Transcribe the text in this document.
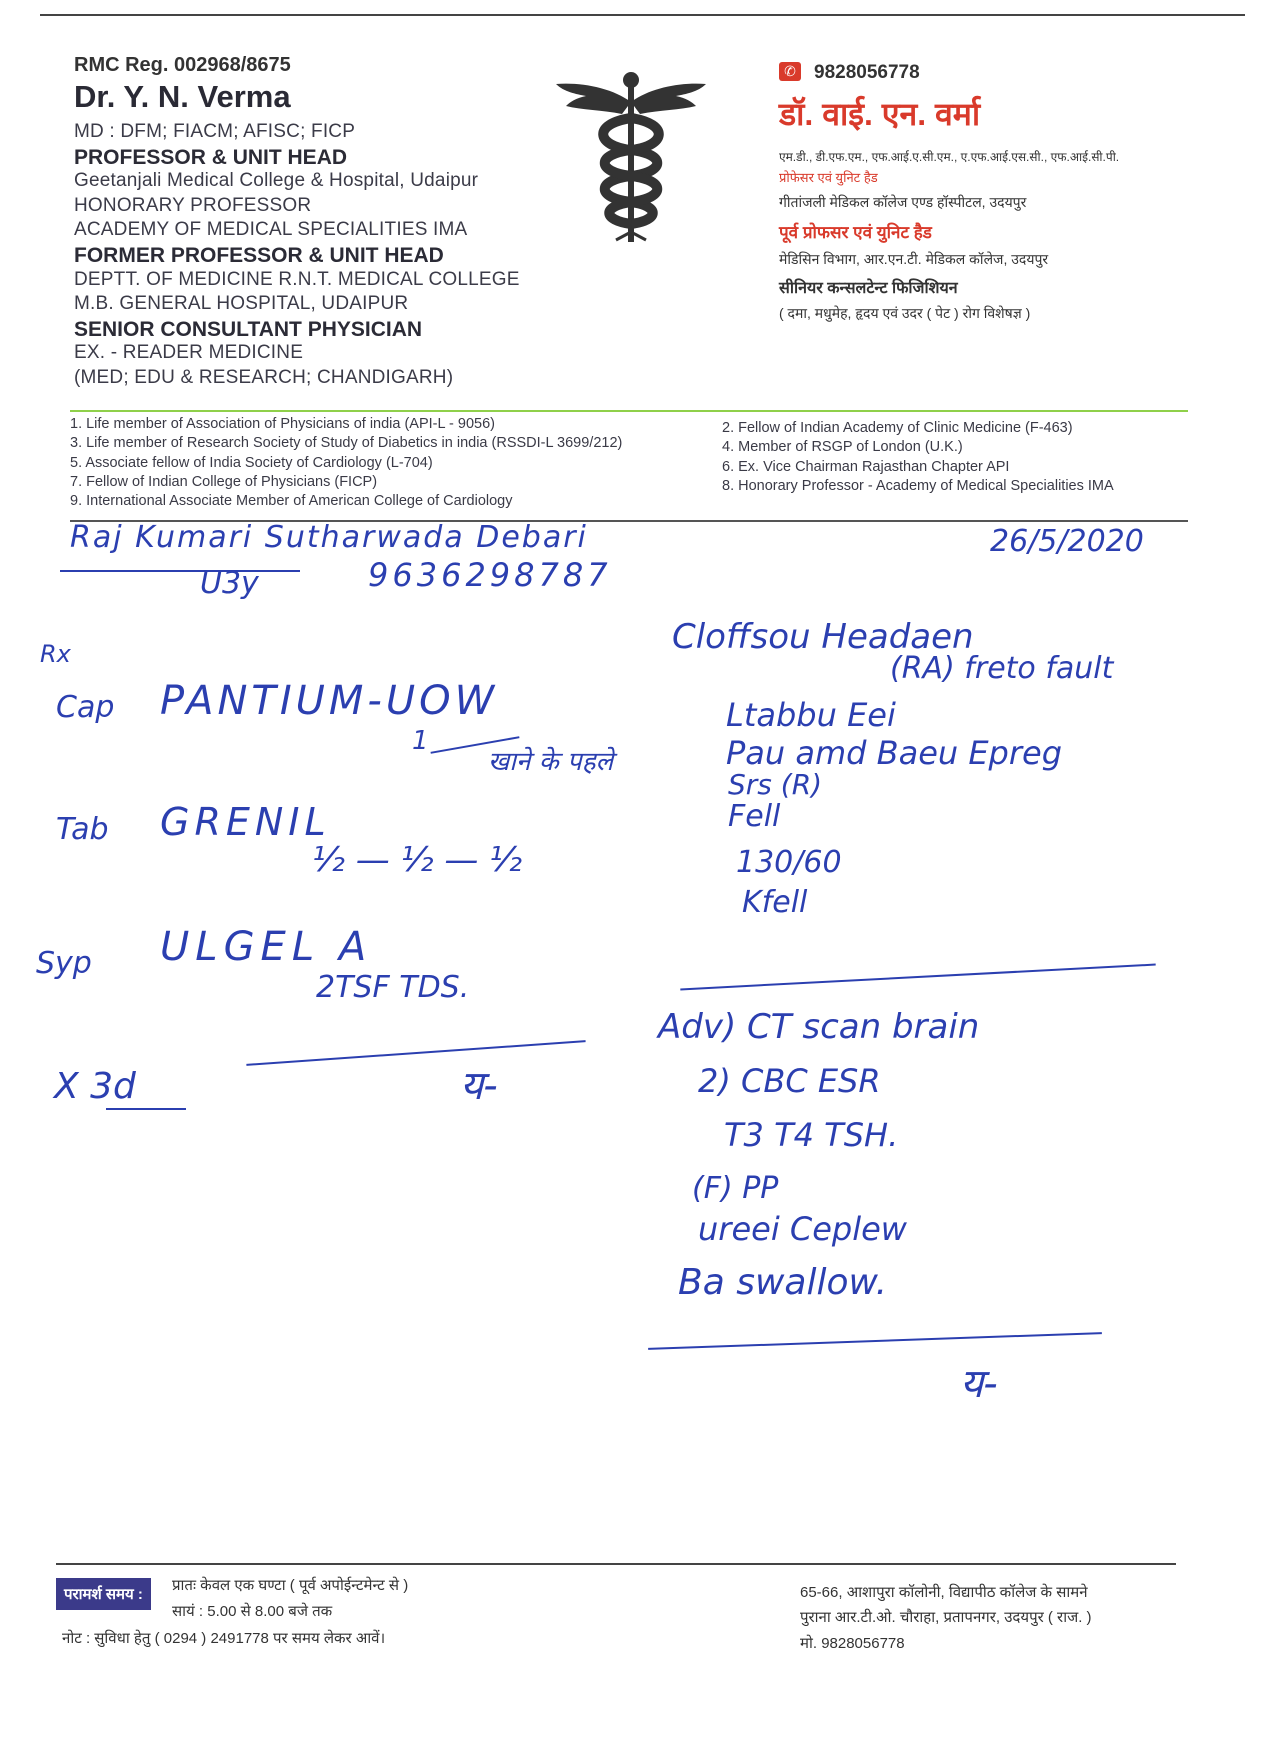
RMC Reg. 002968/8675
Dr. Y. N. Verma
MD : DFM; FIACM; AFISC; FICP
PROFESSOR & UNIT HEAD
Geetanjali Medical College & Hospital, Udaipur
HONORARY PROFESSOR
ACADEMY OF MEDICAL SPECIALITIES IMA
FORMER PROFESSOR & UNIT HEAD
DEPTT. OF MEDICINE R.N.T. MEDICAL COLLEGE
M.B. GENERAL HOSPITAL, UDAIPUR
SENIOR CONSULTANT PHYSICIAN
EX. - READER MEDICINE
(MED; EDU & RESEARCH; CHANDIGARH)
✆ 9828056778
डॉ. वाई. एन. वर्मा
एम.डी., डी.एफ.एम., एफ.आई.ए.सी.एम., ए.एफ.आई.एस.सी., एफ.आई.सी.पी.
प्रोफेसर एवं युनिट हैड
गीतांजली मेडिकल कॉलेज एण्ड हॉस्पीटल, उदयपुर
पूर्व प्रोफसर एवं युनिट हैड
मेडिसिन विभाग, आर.एन.टी. मेडिकल कॉलेज, उदयपुर
सीनियर कन्सलटेन्ट फिजिशियन
( दमा, मधुमेह, हृदय एवं उदर ( पेट ) रोग विशेषज्ञ )
1. Life member of Association of Physicians of india (API-L - 9056)
3. Life member of Research Society of Study of Diabetics in india (RSSDI-L 3699/212)
5. Associate fellow of India Society of Cardiology (L-704)
7. Fellow of Indian College of Physicians (FICP)
9. International Associate Member of American College of Cardiology
2. Fellow of Indian Academy of Clinic Medicine (F-463)
4. Member of RSGP of London (U.K.)
6. Ex. Vice Chairman Rajasthan Chapter API
8. Honorary Professor - Academy of Medical Specialities IMA
Raj Kumari Sutharwada Debari
U3y	9636298787
26/5/2020
Rx
Cap PANTIUM-UOW
1
खाने के पहले
Tab GRENIL
½ — ½ — ½
Syp ULGEL A
2TSF TDS.
X 3d	य-
Cloffsou Headaen
(RA) freto fault
Ltabbu Eei
Pau amd Baeu Epreg
Srs (R)
Fell
130/60
Kfell
Adv) CT scan brain
2) CBC ESR
T3 T4 TSH.
(F) PP
ureei Ceplew
Ba swallow.
य-
परामर्श समय :
प्रातः केवल एक घण्टा ( पूर्व अपोईन्टमेन्ट से )
सायं : 5.00 से 8.00 बजे तक
नोट : सुविधा हेतु ( 0294 ) 2491778 पर समय लेकर आवें।
65-66, आशापुरा कॉलोनी, विद्यापीठ कॉलेज के सामने
पुराना आर.टी.ओ. चौराहा, प्रतापनगर, उदयपुर ( राज. )
मो. 9828056778
